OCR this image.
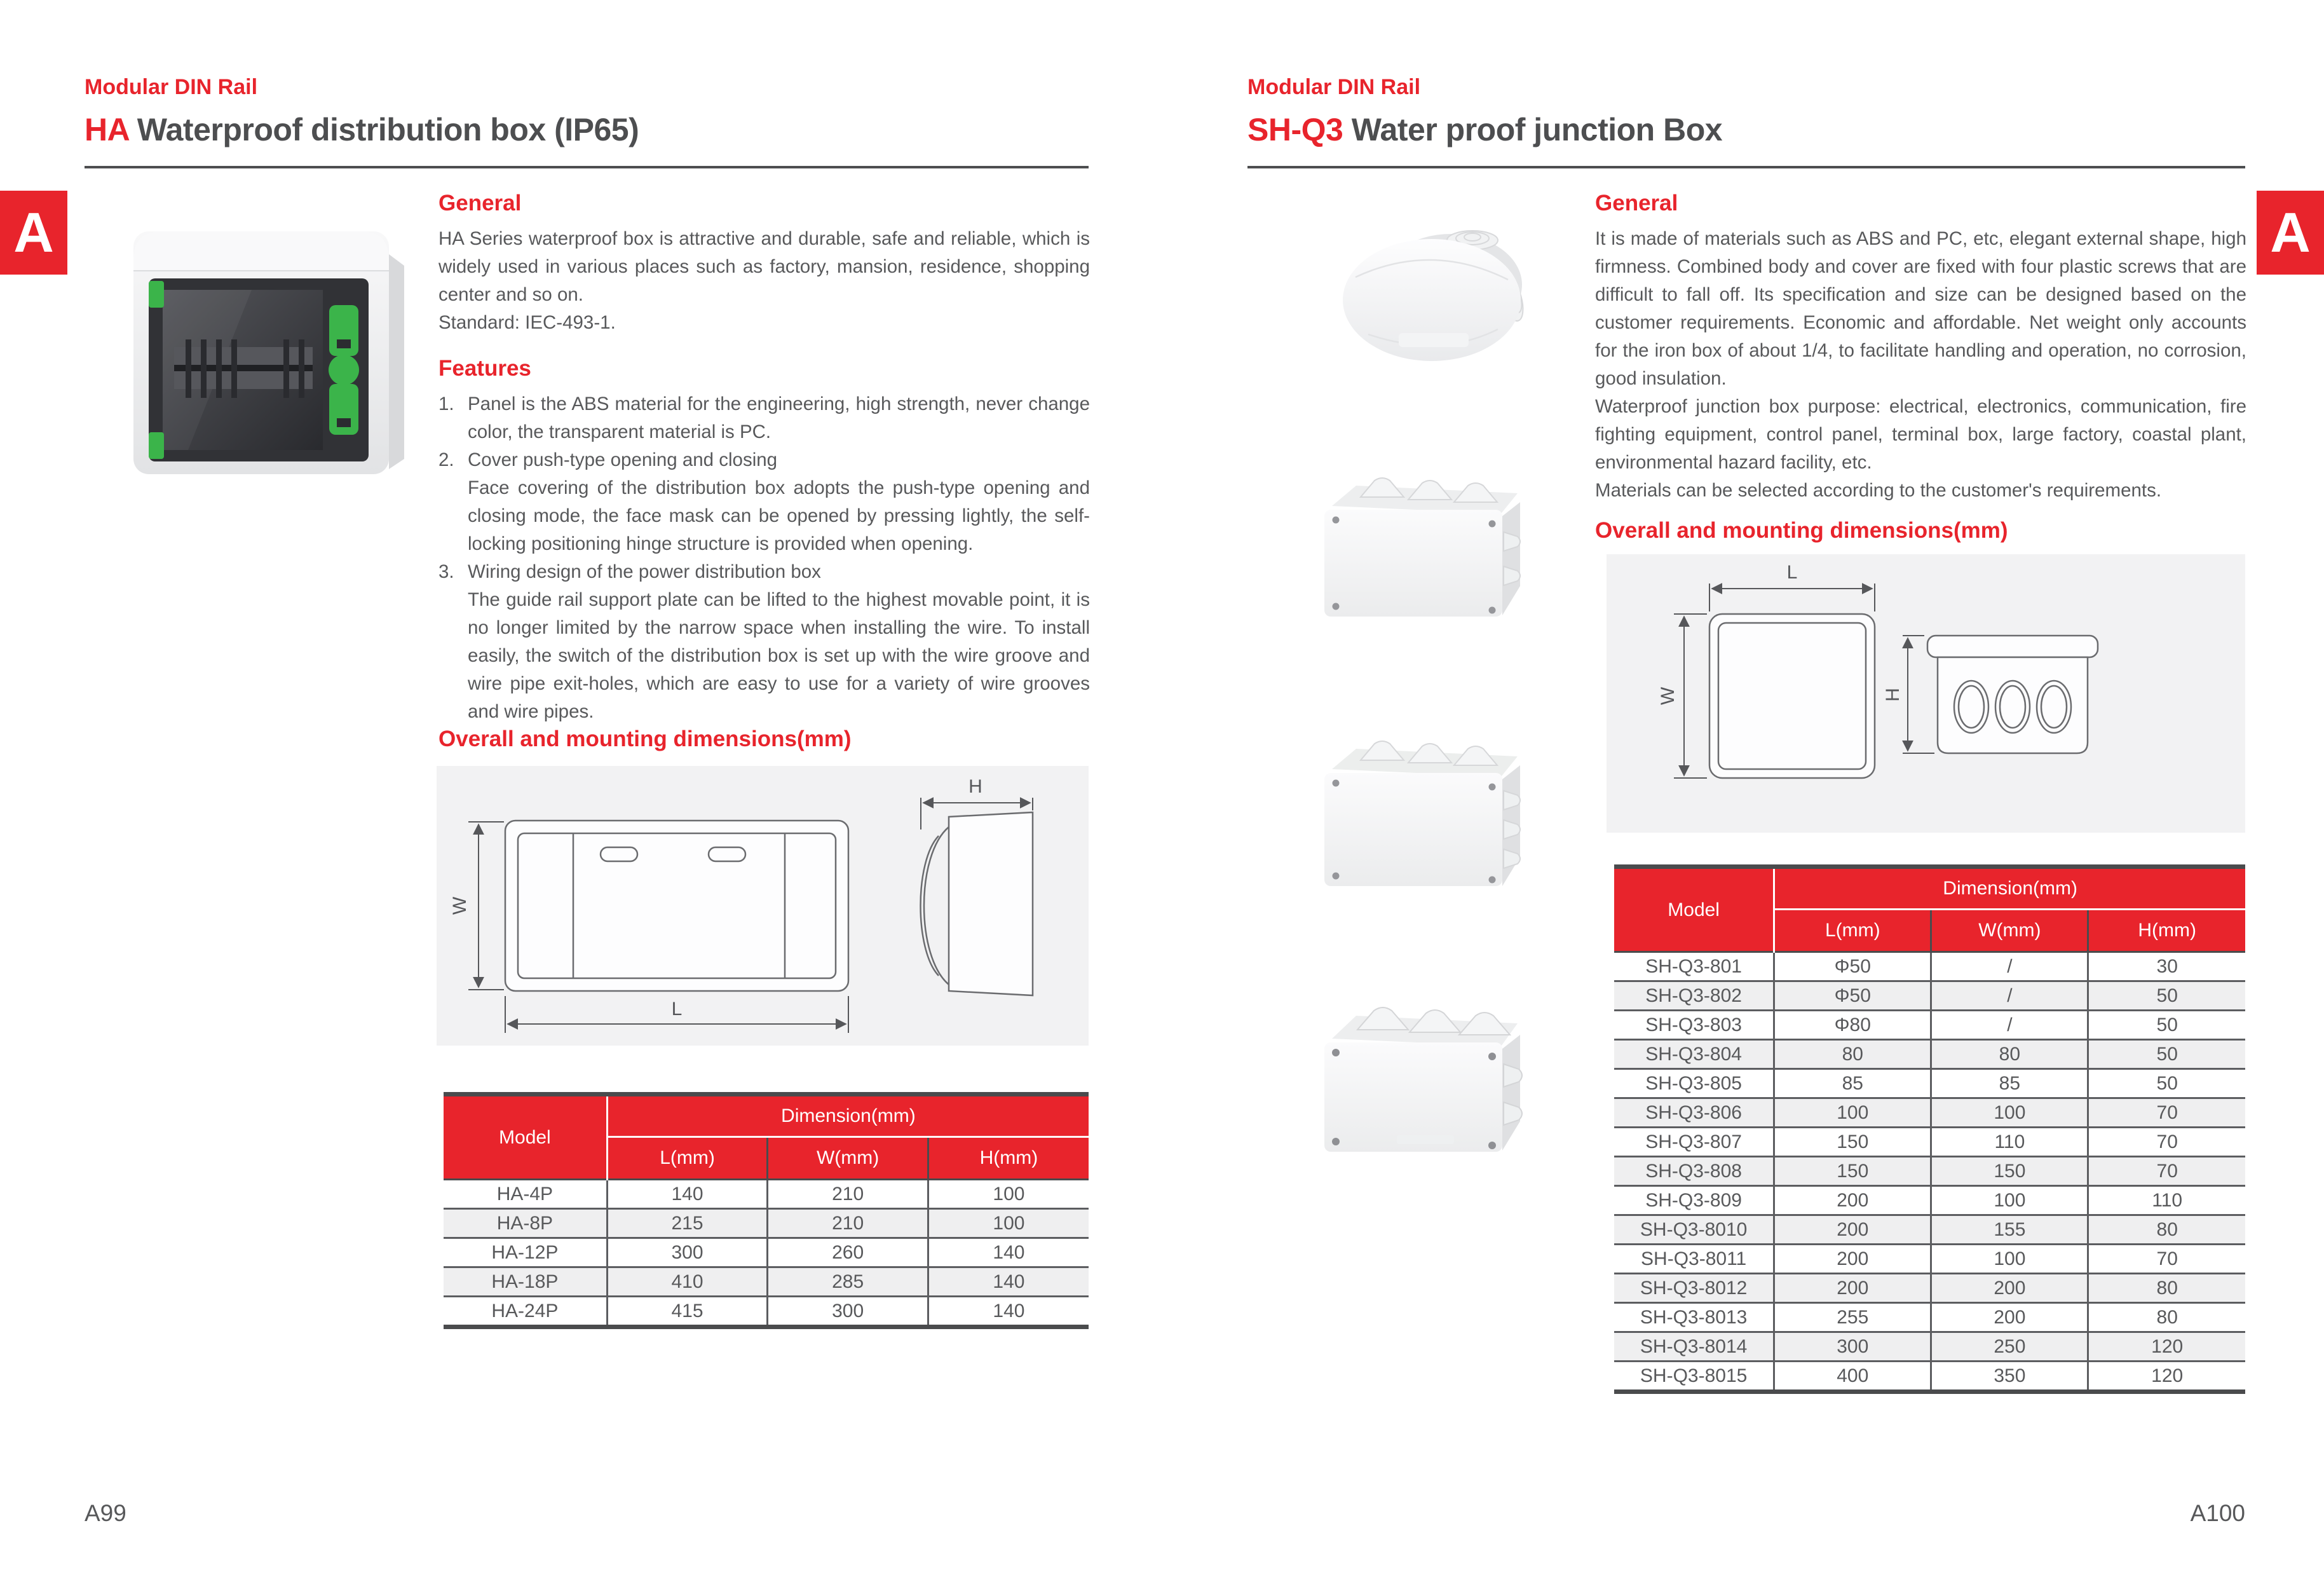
A
Modular DIN Rail
HA Waterproof distribution box (IP65)
General

HA Series waterproof box is attractive and durable, safe and reliable, which is widely used in various places such as factory, mansion, residence, shopping center and so on.

Standard: IEC-493-1.

Features
1. Panel is the ABS material for the engineering, high strength, never change color, the transparent material is PC.
2. Cover push-type opening and closing
Face covering of the distribution box adopts the push-type opening and closing mode, the face mask can be opened by pressing lightly, the self-locking positioning hinge structure is provided when opening.
3. Wiring design of the power distribution box
The guide rail support plate can be lifted to the highest movable point, it is no longer limited by the narrow space when installing the wire. To install easily, the switch of the distribution box is set up with the wire groove and wire pipe exit-holes, which are easy to use for a variety of wire grooves and wire pipes.
Overall and mounting dimensions(mm)
W
L
H
Model	Dimension(mm)		
	L(mm)	W(mm)	H(mm)
HA-4P	140	210	100
HA-8P	215	210	100
HA-12P	300	260	140
HA-18P	410	285	140
HA-24P	415	300	140
A99
A
Modular DIN Rail
SH-Q3 Water proof junction Box
General

It is made of materials such as ABS and PC, etc, elegant external shape, high firmness. Combined body and cover are fixed with four plastic screws that are difficult to fall off. Its specification and size can be designed based on the customer requirements. Economic and affordable. Net weight only accounts for the iron box of about 1/4, to facilitate handling and operation, no corrosion, good insulation.

Waterproof junction box purpose: electrical, electronics, communication, fire fighting equipment, control panel, terminal box, large factory, coastal plant, environmental hazard facility, etc.

Materials can be selected according to the customer's requirements.

Overall and mounting dimensions(mm)
L
W	H
Model	Dimension(mm)		
	L(mm)	W(mm)	H(mm)
SH-Q3-801	Φ50	/	30
SH-Q3-802	Φ50	/	50
SH-Q3-803	Φ80	/	50
SH-Q3-804	80	80	50
SH-Q3-805	85	85	50
SH-Q3-806	100	100	70
SH-Q3-807	150	110	70
SH-Q3-808	150	150	70
SH-Q3-809	200	100	110
SH-Q3-8010	200	155	80
SH-Q3-8011	200	100	70
SH-Q3-8012	200	200	80
SH-Q3-8013	255	200	80
SH-Q3-8014	300	250	120
SH-Q3-8015	400	350	120
A100
